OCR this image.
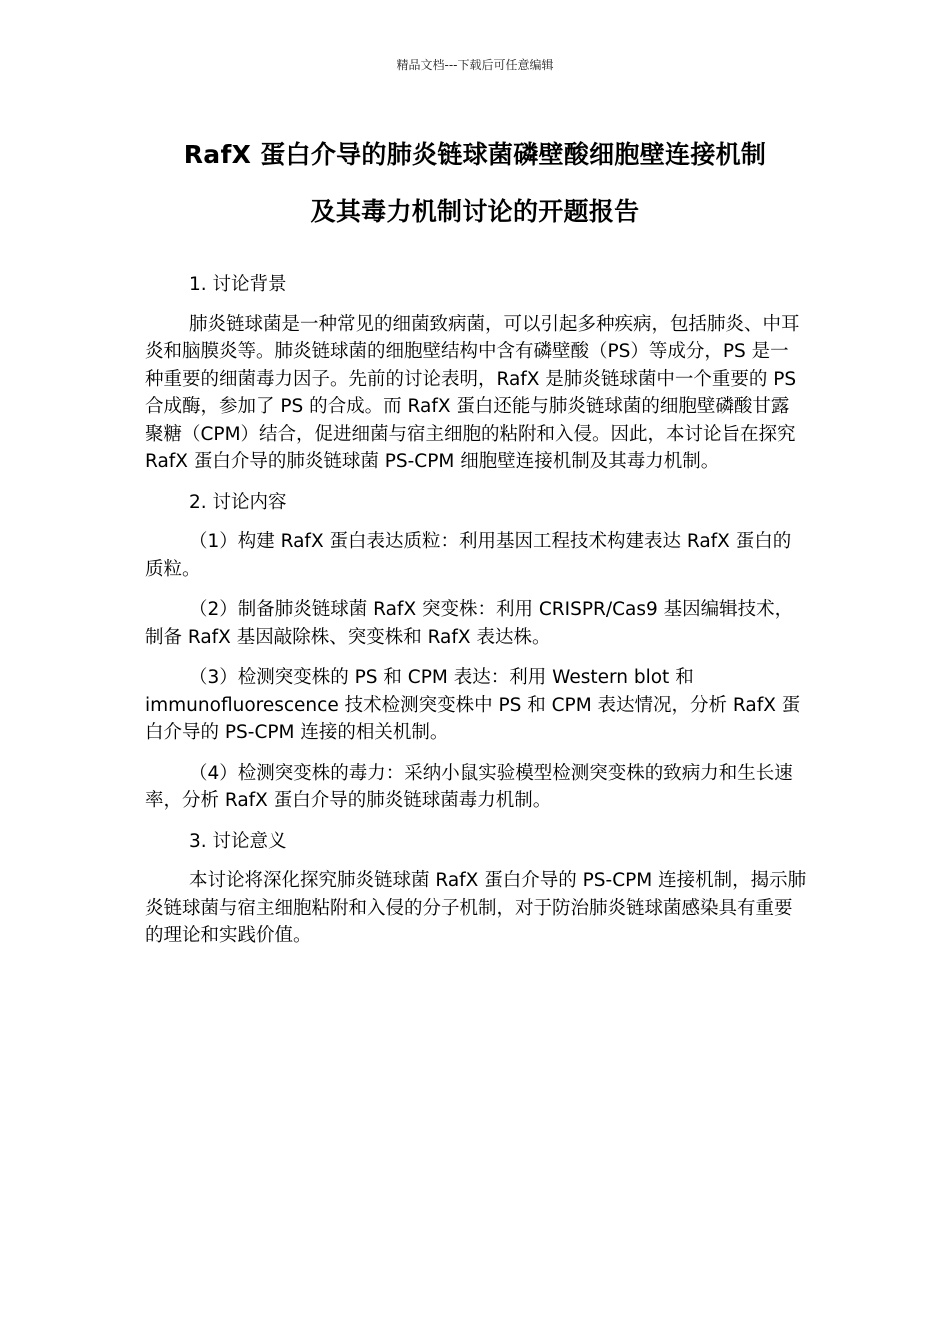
精品文档---下载后可任意编辑
RafX 蛋白介导的肺炎链球菌磷壁酸细胞壁连接机制
及其毒力机制讨论的开题报告

1. 讨论背景

肺炎链球菌是一种常见的细菌致病菌，可以引起多种疾病，包括肺炎、中耳炎和脑膜炎等。肺炎链球菌的细胞壁结构中含有磷壁酸（PS）等成分，PS 是一种重要的细菌毒力因子。先前的讨论表明，RafX 是肺炎链球菌中一个重要的 PS 合成酶，参加了 PS 的合成。而 RafX 蛋白还能与肺炎链球菌的细胞壁磷酸甘露聚糖（CPM）结合，促进细菌与宿主细胞的粘附和入侵。因此，本讨论旨在探究 RafX 蛋白介导的肺炎链球菌 PS-CPM 细胞壁连接机制及其毒力机制。

2. 讨论内容

（1）构建 RafX 蛋白表达质粒：利用基因工程技术构建表达 RafX 蛋白的质粒。

（2）制备肺炎链球菌 RafX 突变株：利用 CRISPR/Cas9 基因编辑技术，制备 RafX 基因敲除株、突变株和 RafX 表达株。

（3）检测突变株的 PS 和 CPM 表达：利用 Western blot 和 immunofluorescence 技术检测突变株中 PS 和 CPM 表达情况，分析 RafX 蛋白介导的 PS-CPM 连接的相关机制。

（4）检测突变株的毒力：采纳小鼠实验模型检测突变株的致病力和生长速率，分析 RafX 蛋白介导的肺炎链球菌毒力机制。

3. 讨论意义

本讨论将深化探究肺炎链球菌 RafX 蛋白介导的 PS-CPM 连接机制，揭示肺炎链球菌与宿主细胞粘附和入侵的分子机制，对于防治肺炎链球菌感染具有重要的理论和实践价值。
